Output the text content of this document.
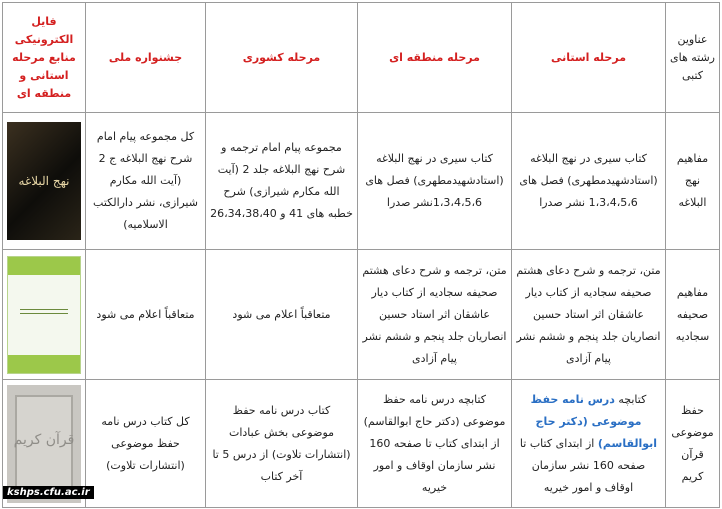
عناوین رشته های کتبی	مرحله استانی	مرحله منطقه ای	مرحله کشوری	جشنواره ملی	فایل الکترونیکی منابع مرحله استانی و منطقه ای
مفاهیم نهج البلاغه	کتاب سیری در نهج البلاغه (استادشهیدمطهری) فصل های 1،3،4،5،6 نشر صدرا	کتاب سیری در نهج البلاغه (استادشهیدمطهری) فصل های 1،3،4،5،6نشر صدرا	مجموعه پیام امام ترجمه و شرح نهج البلاغه جلد 2 (آیت الله مکارم شیرازی) شرح خطبه های 41 و 26،34،38،40	کل مجموعه پیام امام شرح نهج البلاغه ج 2 (آیت الله مکارم شیرازی، نشر دارالکتب الاسلامیه)	نهج البلاغه

مفاهیم صحیفه سجادیه	متن، ترجمه و شرح دعای هشتم صحیفه سجادیه از کتاب دیار عاشقان اثر استاد حسین انصاریان جلد پنجم و ششم نشر پیام آزادی	متن، ترجمه و شرح دعای هشتم صحیفه سجادیه از کتاب دیار عاشقان اثر استاد حسین انصاریان جلد پنجم و ششم نشر پیام آزادی	متعاقباً اعلام می شود	متعاقباً اعلام می شود	

حفظ موضوعی قرآن کریم	کتابچه درس نامه حفظ موضوعی (دکتر حاج ابوالقاسم) از ابتدای کتاب تا صفحه 160 نشر سازمان اوقاف و امور خیریه	کتابچه درس نامه حفظ موضوعی (دکتر حاج ابوالقاسم) از ابتدای کتاب تا صفحه 160 نشر سازمان اوقاف و امور خیریه	کتاب درس نامه حفظ موضوعی بخش عبادات (انتشارات تلاوت) از درس 5 تا آخر کتاب	کل کتاب درس نامه حفظ موضوعی (انتشارات تلاوت)	قرآن کریم
kshps.cfu.ac.ir
